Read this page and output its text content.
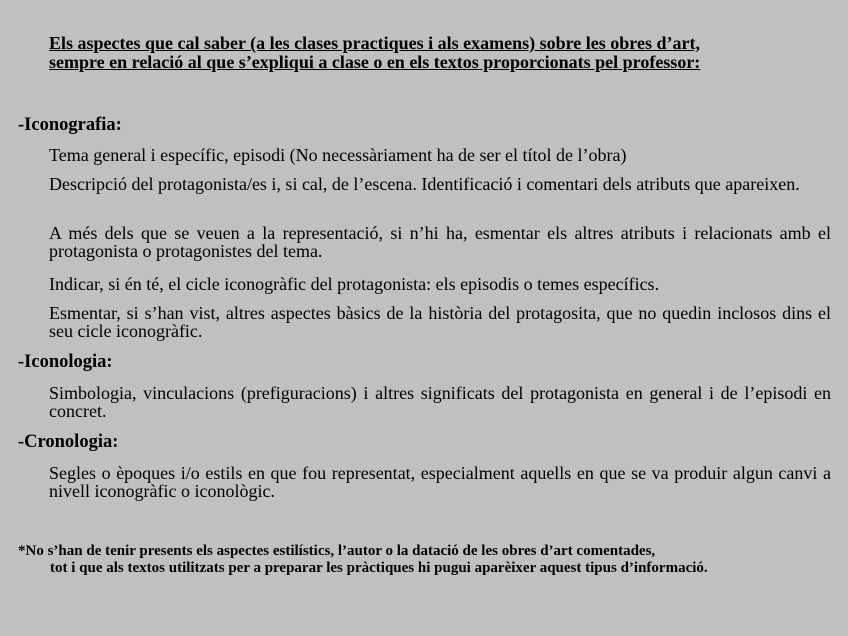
Els aspectes que cal saber (a les clases practiques i als examens) sobre les obres d’art,
sempre en relació al que s’expliqui a clase o en els textos proporcionats pel professor:
-Iconografia:
Tema general i específic, episodi (No necessàriament ha de ser el títol de l’obra)
Descripció del protagonista/es i, si cal, de l’escena. Identificació i comentari dels atributs que apareixen.
A més dels que se veuen a la representació, si n’hi ha, esmentar els altres atributs i relacionats amb el protagonista o protagonistes del tema.
Indicar, si én té, el cicle iconogràfic del protagonista: els episodis o temes específics.
Esmentar, si s’han vist, altres aspectes bàsics de la història del protagosita, que no quedin inclosos dins el seu cicle iconogràfic.
-Iconologia:
Simbologia, vinculacions (prefiguracions) i altres significats del protagonista en general i de l’episodi en concret.
-Cronologia:
Segles o èpoques i/o estils en que fou representat, especialment aquells en que se va produir algun canvi a nivell iconogràfic o iconològic.
*No s’han de tenir presents els aspectes estilístics, l’autor o la datació de les obres d’art comentades,
tot i que als textos utilitzats per a preparar les pràctiques hi pugui aparèixer aquest tipus d’informació.
